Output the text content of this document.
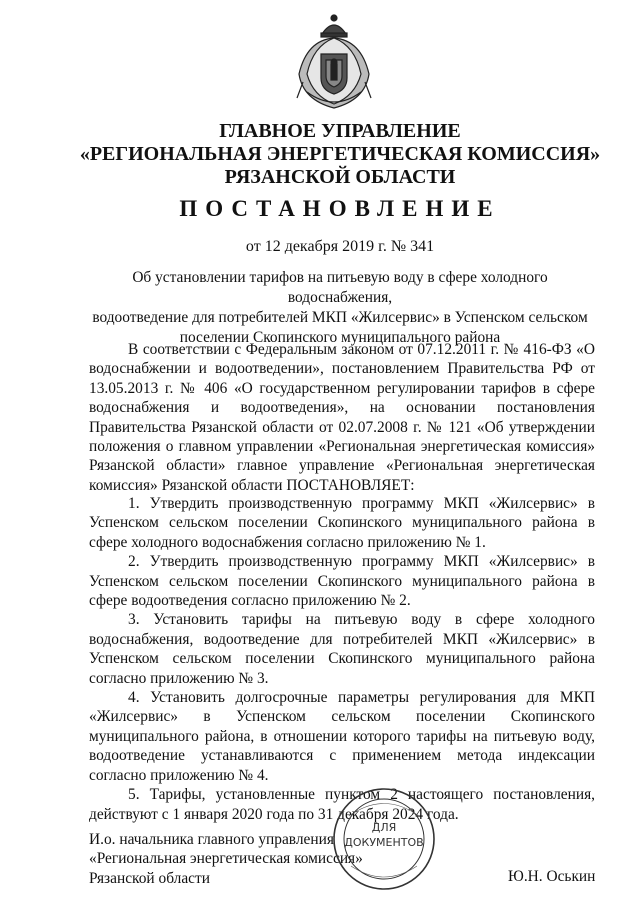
ГЛАВНОЕ УПРАВЛЕНИЕ
«РЕГИОНАЛЬНАЯ ЭНЕРГЕТИЧЕСКАЯ КОМИССИЯ»
РЯЗАНСКОЙ ОБЛАСТИ
ПОСТАНОВЛЕНИЕ
от 12 декабря 2019 г. № 341
Об установлении тарифов на питьевую воду в сфере холодного водоснабжения,
водоотведение для потребителей МКП «Жилсервис» в Успенском сельском
поселении Скопинского муниципального района

В соответствии с Федеральным законом от 07.12.2011 г. № 416-ФЗ «О водоснабжении и водоотведении», постановлением Правительства РФ от 13.05.2013 г. № 406 «О государственном регулировании тарифов в сфере водоснабжения и водоотведения», на основании постановления Правительства Рязанской области от 02.07.2008 г. № 121 «Об утверждении положения о главном управлении «Региональная энергетическая комиссия» Рязанской области» главное управление «Региональная энергетическая комиссия» Рязанской области ПОСТАНОВЛЯЕТ:

1. Утвердить производственную программу МКП «Жилсервис» в Успенском сельском поселении Скопинского муниципального района в сфере холодного водоснабжения согласно приложению № 1.

2. Утвердить производственную программу МКП «Жилсервис» в Успенском сельском поселении Скопинского муниципального района в сфере водоотведения согласно приложению № 2.

3. Установить тарифы на питьевую воду в сфере холодного водоснабжения, водоотведение для потребителей МКП «Жилсервис» в Успенском сельском поселении Скопинского муниципального района согласно приложению № 3.

4. Установить долгосрочные параметры регулирования для МКП «Жилсервис» в Успенском сельском поселении Скопинского муниципального района, в отношении которого тарифы на питьевую воду, водоотведение устанавливаются с применением метода индексации согласно приложению № 4.

5. Тарифы, установленные пунктом 2 настоящего постановления, действуют с 1 января 2020 года по 31 декабря 2024 года.

И.о. начальника главного управления
«Региональная энергетическая комиссия»
Рязанской области	Ю.Н. Оськин
ДЛЯ
ДОКУМЕНТОВ
